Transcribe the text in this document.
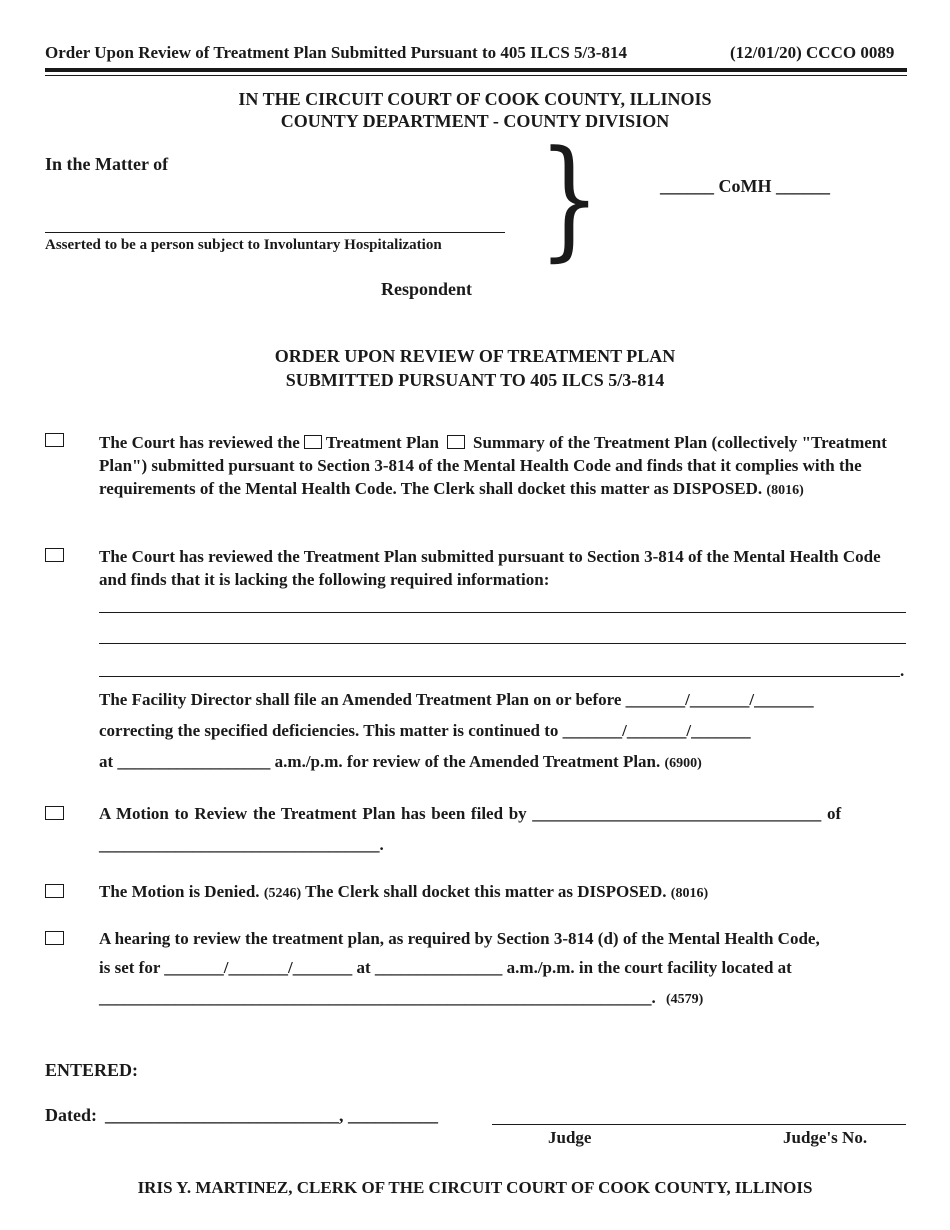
Order Upon Review of Treatment Plan Submitted Pursuant to 405 ILCS 5/3-814	(12/01/20) CCCO 0089
IN THE CIRCUIT COURT OF COOK COUNTY, ILLINOIS
COUNTY DEPARTMENT - COUNTY DIVISION
In the Matter of
Asserted to be a person subject to Involuntary Hospitalization }	______ CoMH ______
Respondent
ORDER UPON REVIEW OF TREATMENT PLAN
SUBMITTED PURSUANT TO 405 ILCS 5/3-814
The Court has reviewed the Treatment Plan Summary of the Treatment Plan (collectively "Treatment Plan") submitted pursuant to Section 3-814 of the Mental Health Code and finds that it complies with the requirements of the Mental Health Code. The Clerk shall docket this matter as DISPOSED. (8016)
The Court has reviewed the Treatment Plan submitted pursuant to Section 3-814 of the Mental Health Code and finds that it is lacking the following required information:
.
The Facility Director shall file an Amended Treatment Plan on or before _______/_______/_______
correcting the specified deficiencies. This matter is continued to _______/_______/_______
at __________________ a.m./p.m. for review of the Amended Treatment Plan. (6900)
A Motion to Review the Treatment Plan has been filed by __________________________________ of
_________________________________.
The Motion is Denied. (5246) The Clerk shall docket this matter as DISPOSED. (8016)
A hearing to review the treatment plan, as required by Section 3-814 (d) of the Mental Health Code,
is set for _______/_______/_______ at _______________ a.m./p.m. in the court facility located at
_________________________________________________________________. (4579)
ENTERED:
Dated: __________________________, __________
Judge	Judge's No.
IRIS Y. MARTINEZ, CLERK OF THE CIRCUIT COURT OF COOK COUNTY, ILLINOIS
